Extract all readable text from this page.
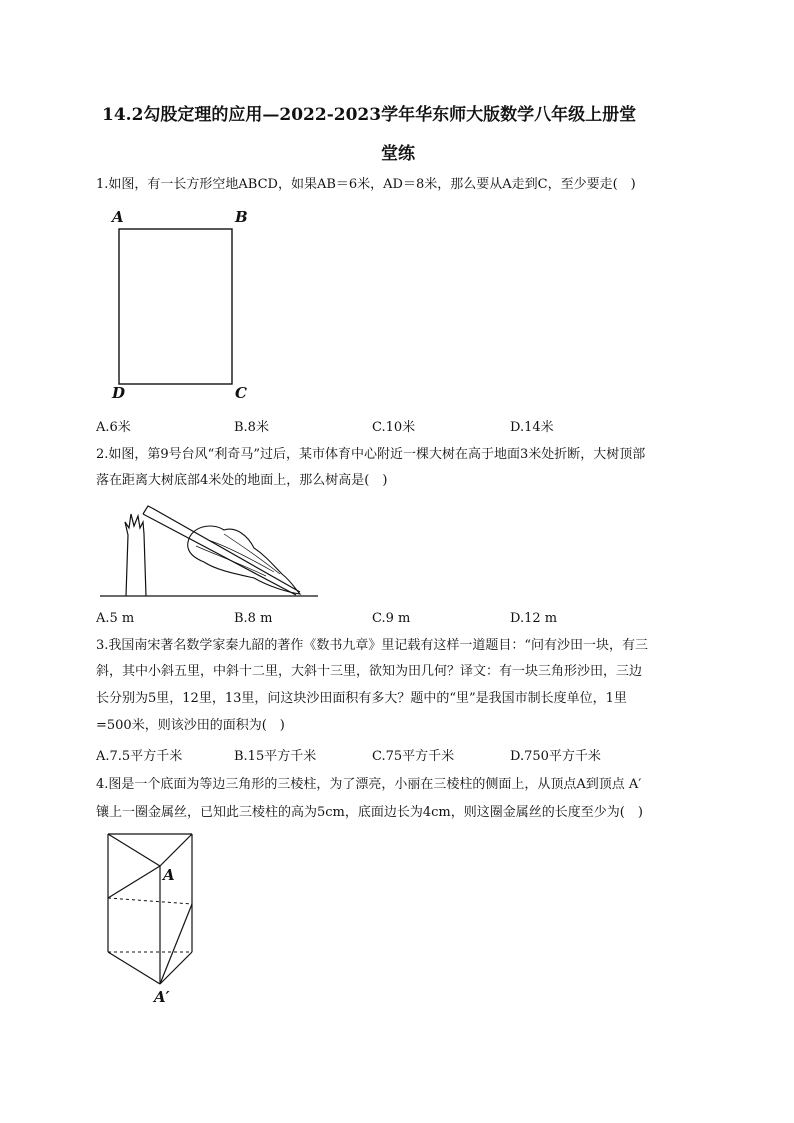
14.2勾股定理的应用—2022-2023学年华东师大版数学八年级上册堂
堂练
1.如图，有一长方形空地ABCD，如果AB＝6米，AD＝8米，那么要从A走到C，至少要走(　)
A	B
D	C
A.6米	B.8米	C.10米	D.14米
2.如图，第9号台风“利奇马”过后，某市体育中心附近一棵大树在高于地面3米处折断，大树顶部
落在距离大树底部4米处的地面上，那么树高是(　)
A.5 m	B.8 m	C.9 m	D.12 m
3.我国南宋著名数学家秦九韶的著作《数书九章》里记载有这样一道题目：“问有沙田一块，有三
斜，其中小斜五里，中斜十二里，大斜十三里，欲知为田几何？译文：有一块三角形沙田，三边
长分别为5里，12里，13里，问这块沙田面积有多大？题中的“里”是我国市制长度单位，1里
=500米，则该沙田的面积为(　)
A.7.5平方千米	B.15平方千米	C.75平方千米	D.750平方千米
4.图是一个底面为等边三角形的三棱柱，为了漂亮，小丽在三棱柱的侧面上，从顶点A到顶点 A′
镶上一圈金属丝，已知此三棱柱的高为5cm，底面边长为4cm，则这圈金属丝的长度至少为(　)
A
A′
